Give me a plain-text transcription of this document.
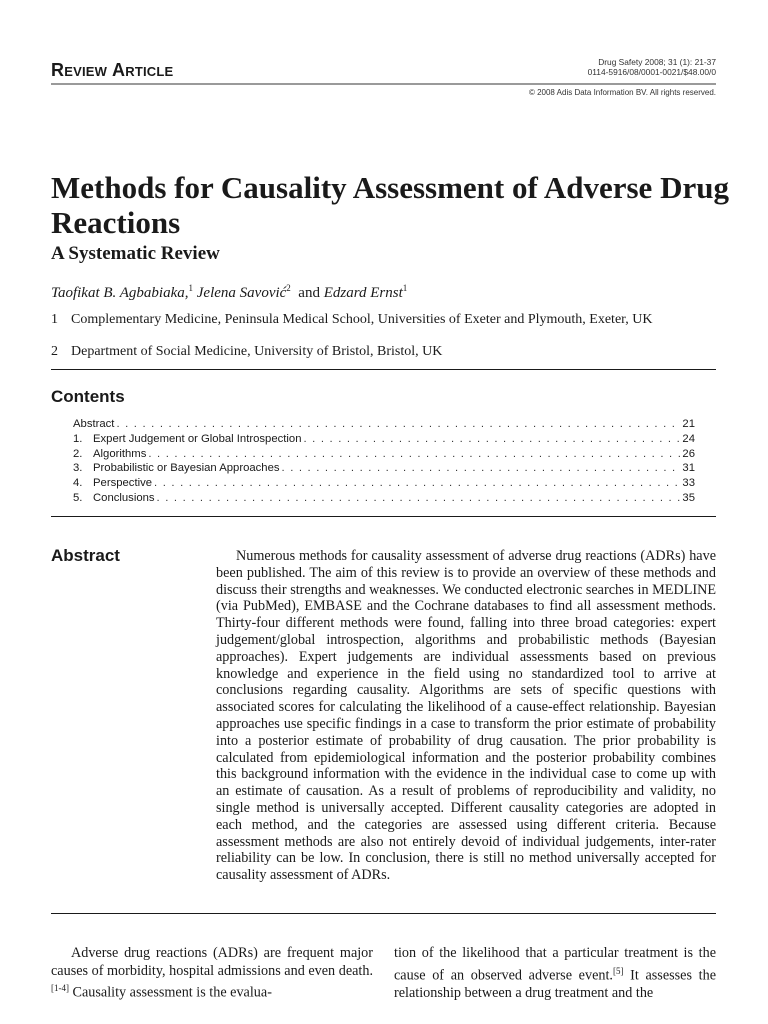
REVIEW ARTICLE
Drug Safety 2008; 31 (1): 21-37
0114-5916/08/0001-0021/$48.00/0
© 2008 Adis Data Information BV. All rights reserved.
Methods for Causality Assessment of Adverse Drug Reactions
A Systematic Review
Taofikat B. Agbabiaka,$^1$ Jelena Savović$^2$ and Edzard Ernst$^1$
1 Complementary Medicine, Peninsula Medical School, Universities of Exeter and Plymouth, Exeter, UK
2 Department of Social Medicine, University of Bristol, Bristol, UK
Contents
Abstract . . .	21
1. Expert Judgement or Global Introspection . . .	24
2. Algorithms . . .	26
3. Probabilistic or Bayesian Approaches . . .	31
4. Perspective . . .	33
5. Conclusions . . .	35
Abstract	Numerous methods for causality assessment of adverse drug reactions (ADRs) have been published. The aim of this review is to provide an overview of these methods and discuss their strengths and weaknesses. We conducted electronic searches in MEDLINE (via PubMed), EMBASE and the Cochrane databases to find all assessment methods. Thirty-four different methods were found, falling into three broad categories: expert judgement/global introspection, algorithms and probabilistic methods (Bayesian approaches). Expert judgements are individual assessments based on previous knowledge and experience in the field using no standardized tool to arrive at conclusions regarding causality. Algorithms are sets of specific questions with associated scores for calculating the likelihood of a cause-effect relationship. Bayesian approaches use specific findings in a case to transform the prior estimate of probability into a posterior estimate of probability of drug causation. The prior probability is calculated from epidemiological information and the posterior probability combines this background information with the evidence in the individual case to come up with an estimate of causation. As a result of problems of reproducibility and validity, no single method is universally accepted. Different causality categories are adopted in each method, and the categories are assessed using different criteria. Because assessment methods are also not entirely devoid of individual judgements, inter-rater reliability can be low. In conclusion, there is still no method universally accepted for causality assessment of ADRs.

Adverse drug reactions (ADRs) are frequent major causes of morbidity, hospital admissions and even death.[1-4] Causality assessment is the evalua-

tion of the likelihood that a particular treatment is the cause of an observed adverse event.[5] It assesses the relationship between a drug treatment and the
